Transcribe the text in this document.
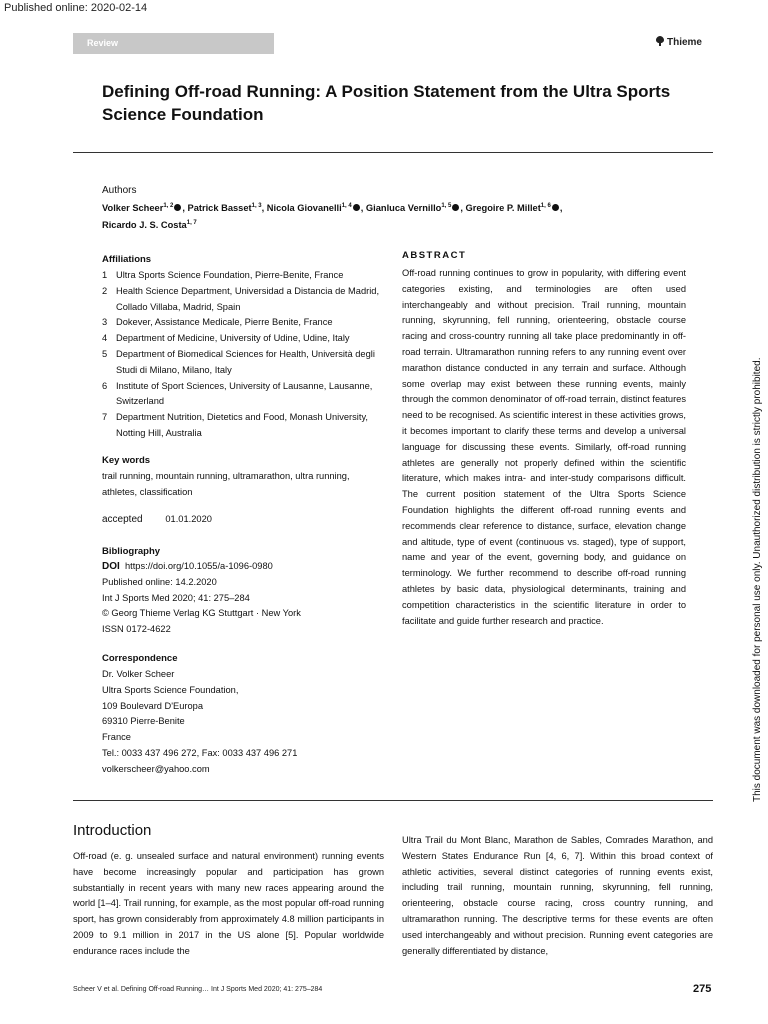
Published online: 2020-02-14
Review	Thieme
Defining Off-road Running: A Position Statement from the Ultra Sports Science Foundation
Authors
Volker Scheer$^{1, 2}$ , Patrick Basset$^{1, 3}$, Nicola Giovanelli$^{1, 4}$ , Gianluca Vernillo$^{1, 5}$ , Gregoire P. Millet$^{1, 6}$ ,
Ricardo J. S. Costa$^{1, 7}$
Affiliations
1 Ultra Sports Science Foundation, Pierre-Benite, France
2 Health Science Department, Universidad a Distancia de Madrid, Collado Villaba, Madrid, Spain
3 Dokever, Assistance Medicale, Pierre Benite, France
4 Department of Medicine, University of Udine, Udine, Italy
5 Department of Biomedical Sciences for Health, Università degli Studi di Milano, Milano, Italy
6 Institute of Sport Sciences, University of Lausanne, Lausanne, Switzerland
7 Department Nutrition, Dietetics and Food, Monash University, Notting Hill, Australia
Key words
trail running, mountain running, ultramarathon, ultra running, athletes, classification
accepted 01.01.2020
Bibliography
DOI https://doi.org/10.1055/a-1096-0980
Published online: 14.2.2020
Int J Sports Med 2020; 41: 275–284
© Georg Thieme Verlag KG Stuttgart · New York
ISSN 0172-4622
Correspondence
Dr. Volker Scheer
Ultra Sports Science Foundation,
109 Boulevard D'Europa
69310 Pierre-Benite
France
Tel.: 0033 437 496 272, Fax: 0033 437 496 271
volkerscheer@yahoo.com
ABSTRACT
Off-road running continues to grow in popularity, with differing event categories existing, and terminologies are often used interchangeably and without precision. Trail running, mountain running, skyrunning, fell running, orienteering, obstacle course racing and cross-country running all take place predominantly in off-road terrain. Ultramarathon running refers to any running event over marathon distance conducted in any terrain and surface. Although some overlap may exist between these running events, mainly through the common denominator of off-road terrain, distinct features need to be recognised. As scientific interest in these activities grows, it becomes important to clarify these terms and develop a universal language for discussing these events. Similarly, off-road running athletes are generally not properly defined within the scientific literature, which makes intra- and inter-study comparisons difficult. The current position statement of the Ultra Sports Science Foundation highlights the different off-road running events and recommends clear reference to distance, surface, elevation change and altitude, type of event (continuous vs. staged), type of support, name and year of the event, governing body, and guidance on terminology. We further recommend to describe off-road running athletes by basic data, physiological determinants, training and competition characteristics in the scientific literature in order to facilitate and guide further research and practice.	This document was downloaded for personal use only. Unauthorized distribution is strictly prohibited.
Introduction
Off-road (e. g. unsealed surface and natural environment) running events have become increasingly popular and participation has grown substantially in recent years with many new races appearing around the world [1–4]. Trail running, for example, as the most popular off-road running sport, has grown considerably from approximately 4.8 million participants in 2009 to 9.1 million in 2017 in the US alone [5]. Popular worldwide endurance races include the
Ultra Trail du Mont Blanc, Marathon de Sables, Comrades Marathon, and Western States Endurance Run [4, 6, 7]. Within this broad context of athletic activities, several distinct categories of running events exist, including trail running, mountain running, skyrunning, fell running, orienteering, obstacle course racing, cross country running, and ultramarathon running. The descriptive terms for these events are often used interchangeably and without precision. Running event categories are generally differentiated by distance,
Scheer V et al. Defining Off-road Running… Int J Sports Med 2020; 41: 275–284	275
